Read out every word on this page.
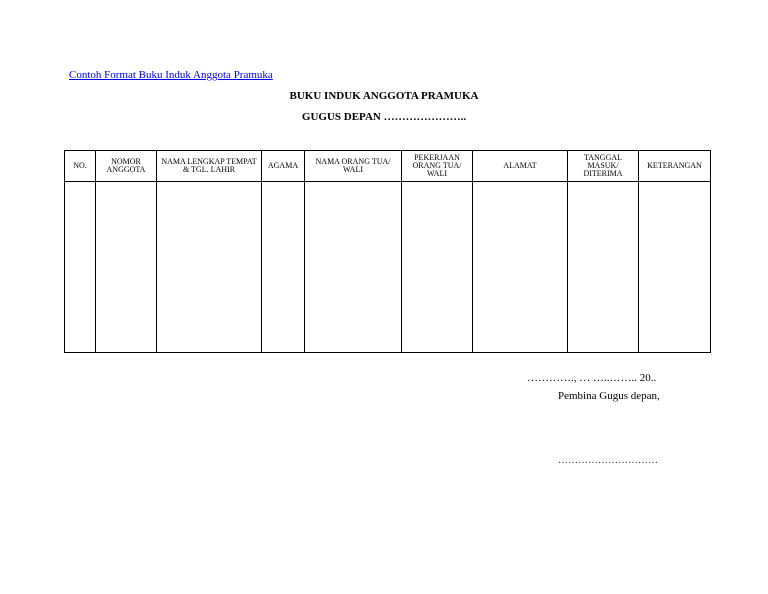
Contoh Format Buku Induk Anggota Pramuka
BUKU INDUK ANGGOTA PRAMUKA
GUGUS DEPAN …………………..
NO.	NOMOR ANGGOTA	NAMA LENGKAP TEMPAT & TGL. LAHIR	AGAMA	NAMA ORANG TUA/ WALI	PEKERJAAN ORANG TUA/ WALI	ALAMAT	TANGGAL MASUK/ DITERIMA	KETERANGAN

…………., … …..…….. 20..
Pembina Gugus depan,
…………………………
